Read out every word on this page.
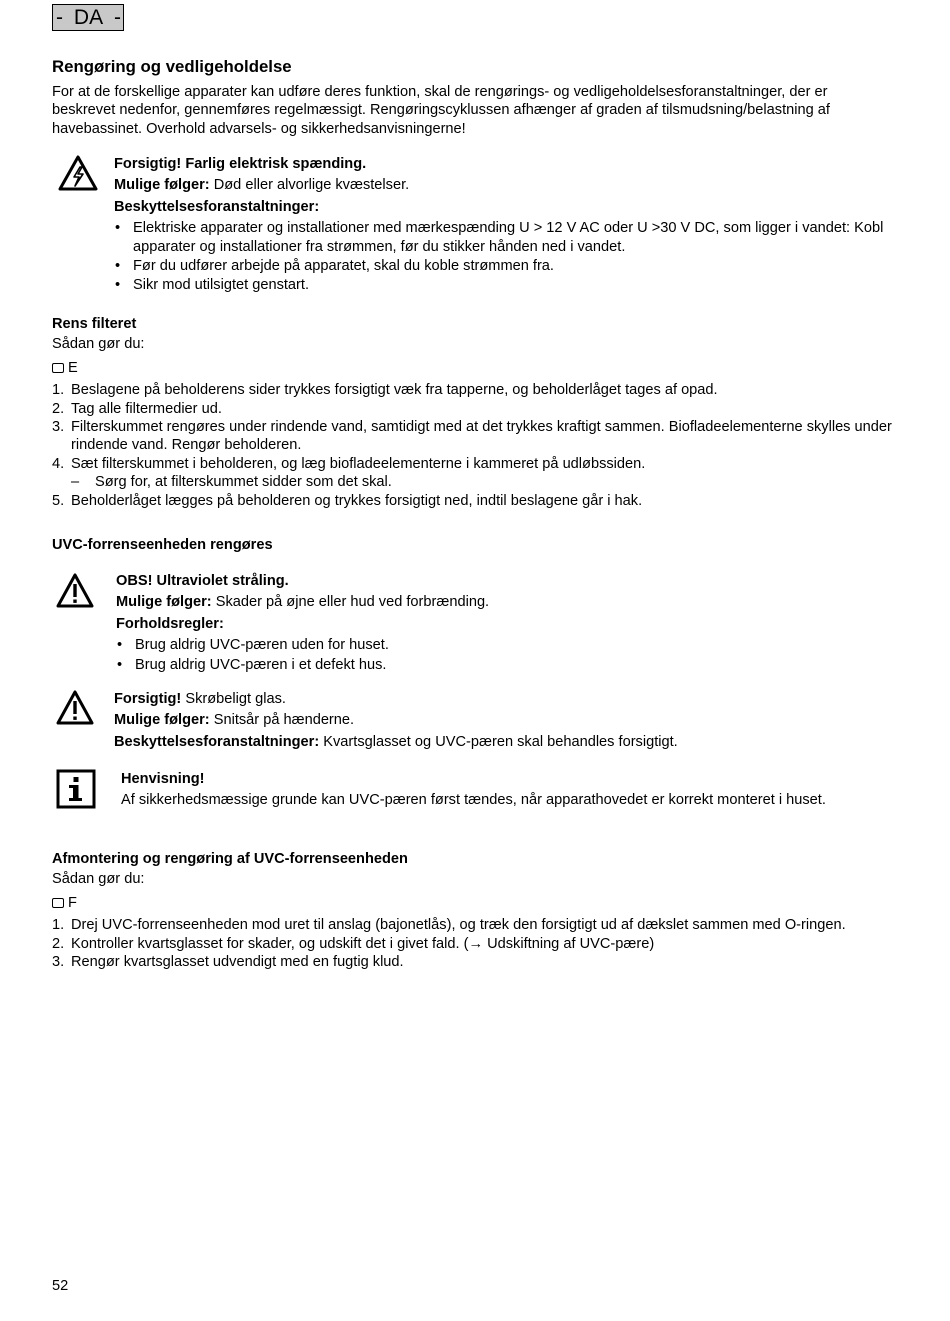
- DA -
Rengøring og vedligeholdelse

For at de forskellige apparater kan udføre deres funktion, skal de rengørings- og vedligeholdelsesforanstaltninger, der er beskrevet nedenfor, gennemføres regelmæssigt. Rengøringscyklussen afhænger af graden af tilsmudsning/belastning af havebassinet. Overhold advarsels- og sikkerhedsanvisningerne!

Forsigtig! Farlig elektrisk spænding.

Mulige følger: Død eller alvorlige kvæstelser.

Beskyttelsesforanstaltninger:

• Elektriske apparater og installationer med mærkespænding U > 12 V AC oder U >30 V DC, som ligger i vandet: Kobl apparater og installationer fra strømmen, før du stikker hånden ned i vandet.
• Før du udfører arbejde på apparatet, skal du koble strømmen fra.
• Sikr mod utilsigtet genstart.

Rens filteret

Sådan gør du:

E

1. Beslagene på beholderens sider trykkes forsigtigt væk fra tapperne, og beholderlåget tages af opad.
2. Tag alle filtermedier ud.
3. Filterskummet rengøres under rindende vand, samtidigt med at det trykkes kraftigt sammen. Biofladeelementerne skylles under rindende vand. Rengør beholderen.
4. Sæt filterskummet i beholderen, og læg biofladeelementerne i kammeret på udløbssiden.
– Sørg for, at filterskummet sidder som det skal.
5. Beholderlåget lægges på beholderen og trykkes forsigtigt ned, indtil beslagene går i hak.

UVC-forrenseenheden rengøres

OBS! Ultraviolet stråling.

Mulige følger: Skader på øjne eller hud ved forbrænding.

Forholdsregler:

• Brug aldrig UVC-pæren uden for huset.
• Brug aldrig UVC-pæren i et defekt hus.

Forsigtig! Skrøbeligt glas.

Mulige følger: Snitsår på hænderne.

Beskyttelsesforanstaltninger: Kvartsglasset og UVC-pæren skal behandles forsigtigt.

Henvisning!

Af sikkerhedsmæssige grunde kan UVC-pæren først tændes, når apparathovedet er korrekt monteret i huset.

Afmontering og rengøring af UVC-forrenseenheden

Sådan gør du:

F

1. Drej UVC-forrenseenheden mod uret til anslag (bajonetlås), og træk den forsigtigt ud af dækslet sammen med O-ringen.
2. Kontroller kvartsglasset for skader, og udskift det i givet fald. (→ Udskiftning af UVC-pære)
3. Rengør kvartsglasset udvendigt med en fugtig klud.

52
